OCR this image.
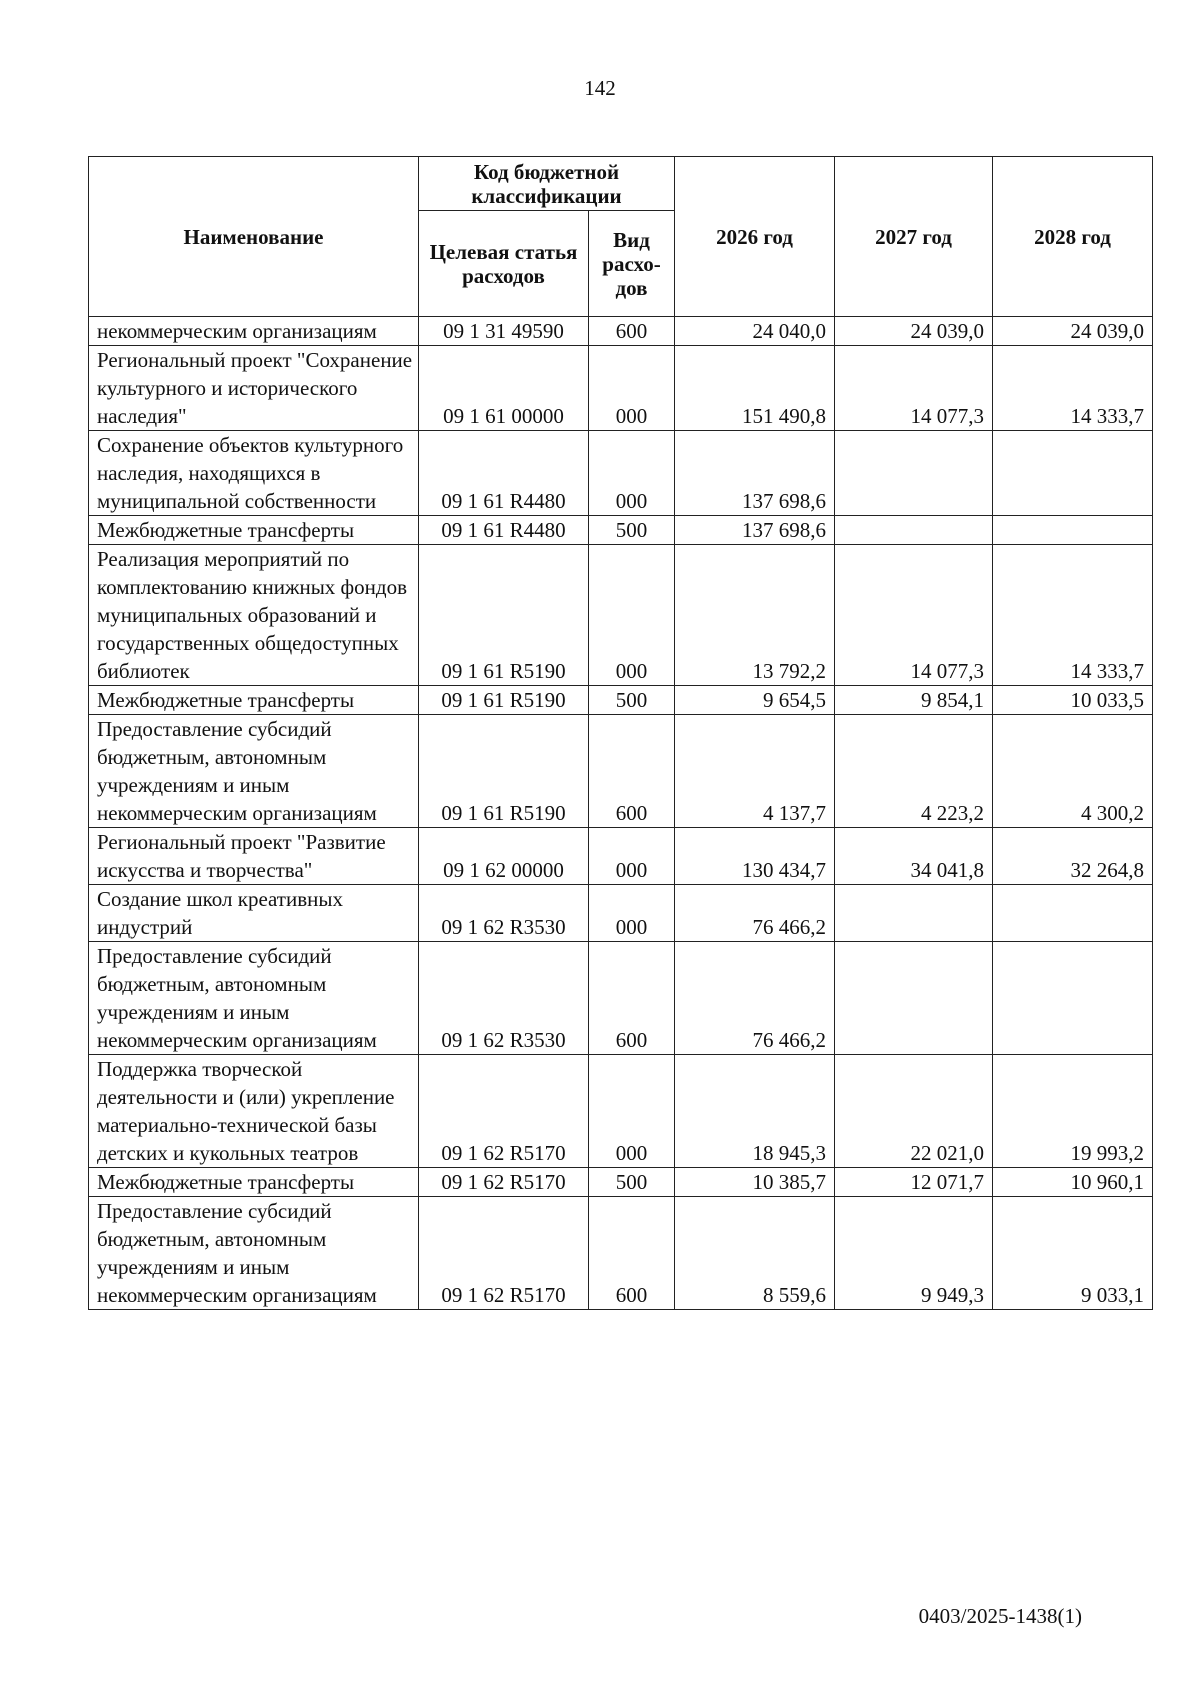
142
Наименование	Код бюджетной классификации		2026 год	2027 год	2028 год
	Целевая статья расходов	Вид расхо-дов			
некоммерческим организациям	09 1 31 49590	600	24 040,0	24 039,0	24 039,0
Региональный проект "Сохранение культурного и исторического наследия"	09 1 61 00000	000	151 490,8	14 077,3	14 333,7
Сохранение объектов культурного наследия, находящихся в муниципальной собственности	09 1 61 R4480	000	137 698,6		
Межбюджетные трансферты	09 1 61 R4480	500	137 698,6		
Реализация мероприятий по комплектованию книжных фондов муниципальных образований и государственных общедоступных библиотек	09 1 61 R5190	000	13 792,2	14 077,3	14 333,7
Межбюджетные трансферты	09 1 61 R5190	500	9 654,5	9 854,1	10 033,5
Предоставление субсидий бюджетным, автономным учреждениям и иным некоммерческим организациям	09 1 61 R5190	600	4 137,7	4 223,2	4 300,2
Региональный проект "Развитие искусства и творчества"	09 1 62 00000	000	130 434,7	34 041,8	32 264,8
Создание школ креативных индустрий	09 1 62 R3530	000	76 466,2		
Предоставление субсидий бюджетным, автономным учреждениям и иным некоммерческим организациям	09 1 62 R3530	600	76 466,2		
Поддержка творческой деятельности и (или) укрепление материально-технической базы детских и кукольных театров	09 1 62 R5170	000	18 945,3	22 021,0	19 993,2
Межбюджетные трансферты	09 1 62 R5170	500	10 385,7	12 071,7	10 960,1
Предоставление субсидий бюджетным, автономным учреждениям и иным некоммерческим организациям	09 1 62 R5170	600	8 559,6	9 949,3	9 033,1
0403/2025-1438(1)
